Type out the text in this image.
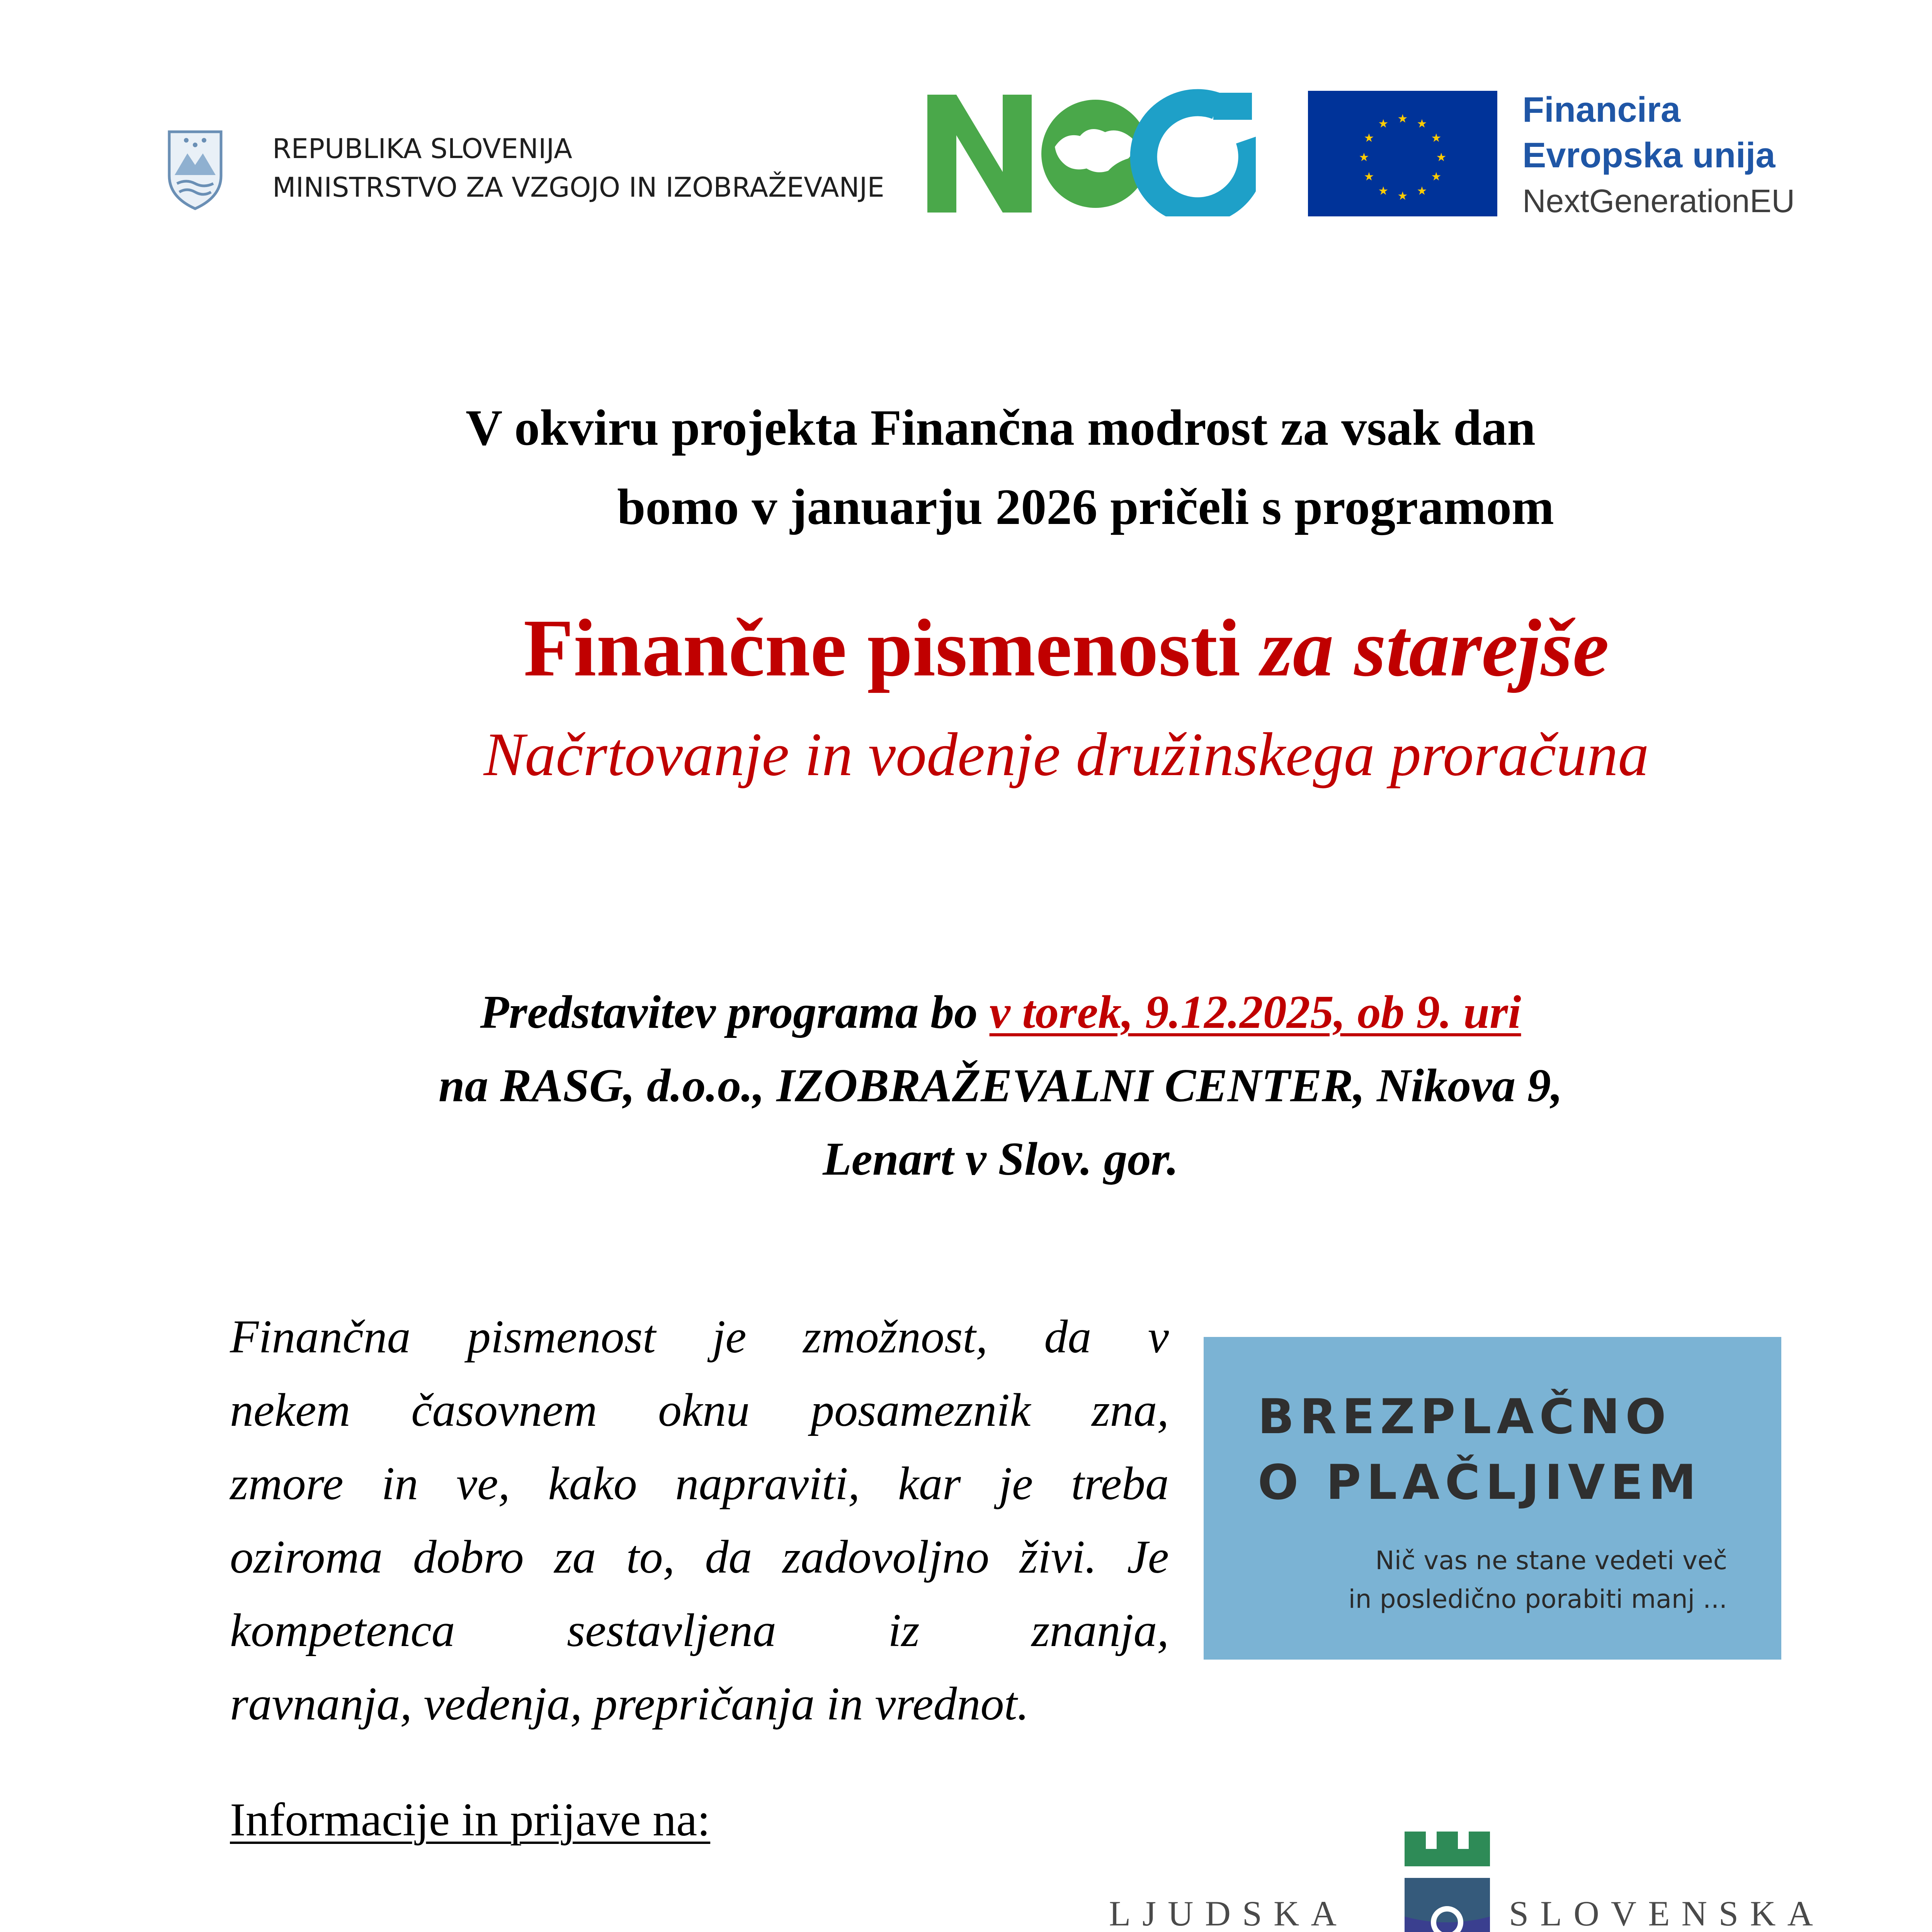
REPUBLIKA SLOVENIJA
MINISTRSTVO ZA VZGOJO IN IZOBRAŽEVANJE
★ ★
★
★
★
★
★
★
★
★
★
★	Financira
Evropska unija
NextGenerationEU
V okviru projekta Finančna modrost za vsak dan
bomo v januarju 2026 pričeli s programom
Finančne pismenosti za starejše
Načrtovanje in vodenje družinskega proračuna
Predstavitev programa bo v torek, 9.12.2025, ob 9. uri
na RASG, d.o.o., IZOBRAŽEVALNI CENTER, Nikova 9,
Lenart v Slov. gor.
Finančna pismenost je zmožnost, da v
nekem časovnem oknu posameznik zna,
zmore in ve, kako napraviti, kar je treba
oziroma dobro za to, da zadovoljno živi. Je
kompetenca sestavljena iz znanja,
ravnanja, vedenja, prepričanja in vrednot.
BREZPLAČNO
O PLAČLJIVEM
Nič vas ne stane vedeti več
in posledično porabiti manj ...
Informacije in prijave na:
LJUDSKA	SLOVENSKA
